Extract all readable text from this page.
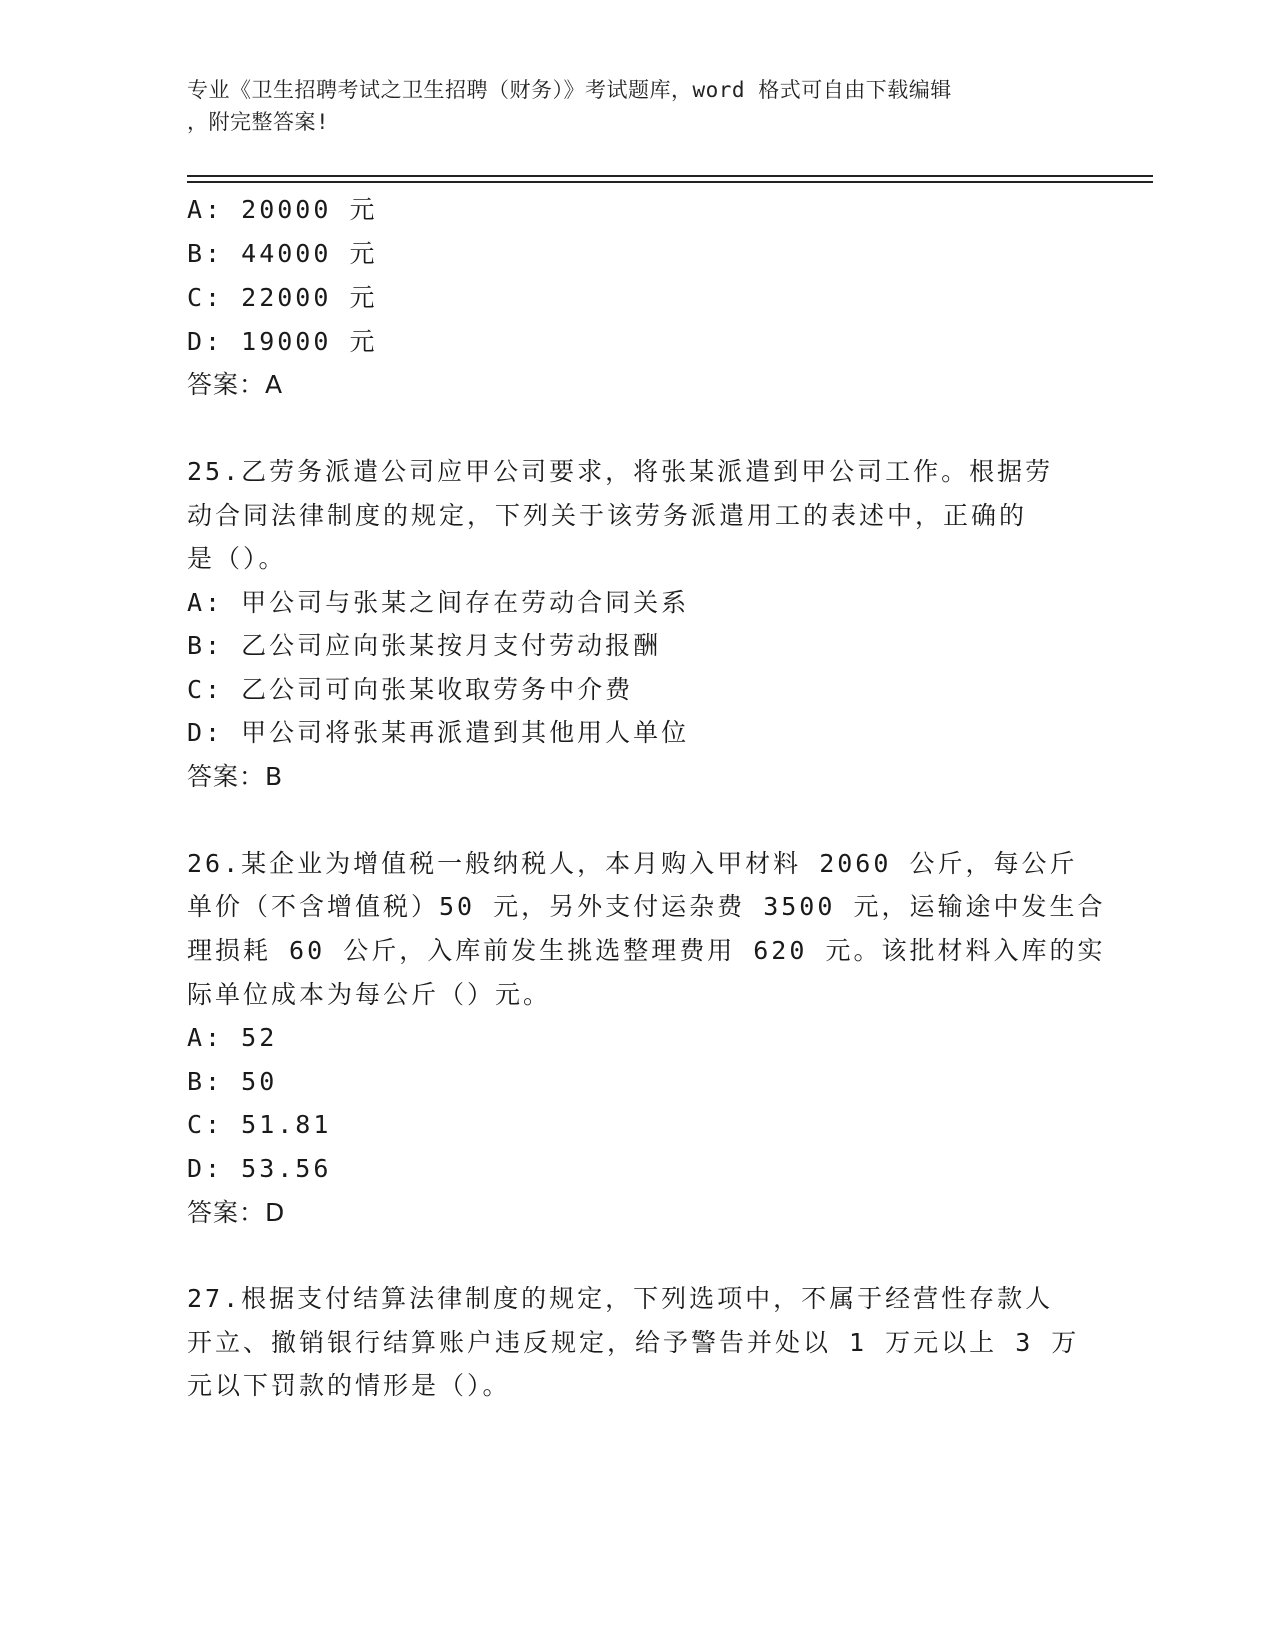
专业《卫生招聘考试之卫生招聘（财务）》考试题库，word 格式可自由下载编辑
，附完整答案!
A: 20000 元
B: 44000 元
C: 22000 元
D: 19000 元
答案：A
25.乙劳务派遣公司应甲公司要求，将张某派遣到甲公司工作。根据劳
动合同法律制度的规定，下列关于该劳务派遣用工的表述中，正确的
是（）。
A: 甲公司与张某之间存在劳动合同关系
B: 乙公司应向张某按月支付劳动报酬
C: 乙公司可向张某收取劳务中介费
D: 甲公司将张某再派遣到其他用人单位
答案：B
26.某企业为增值税一般纳税人，本月购入甲材料 2060 公斤，每公斤
单价（不含增值税）50 元，另外支付运杂费 3500 元，运输途中发生合
理损耗 60 公斤，入库前发生挑选整理费用 620 元。该批材料入库的实
际单位成本为每公斤（）元。
A: 52
B: 50
C: 51.81
D: 53.56
答案：D
27.根据支付结算法律制度的规定，下列选项中，不属于经营性存款人
开立、撤销银行结算账户违反规定，给予警告并处以 1 万元以上 3 万
元以下罚款的情形是（）。
